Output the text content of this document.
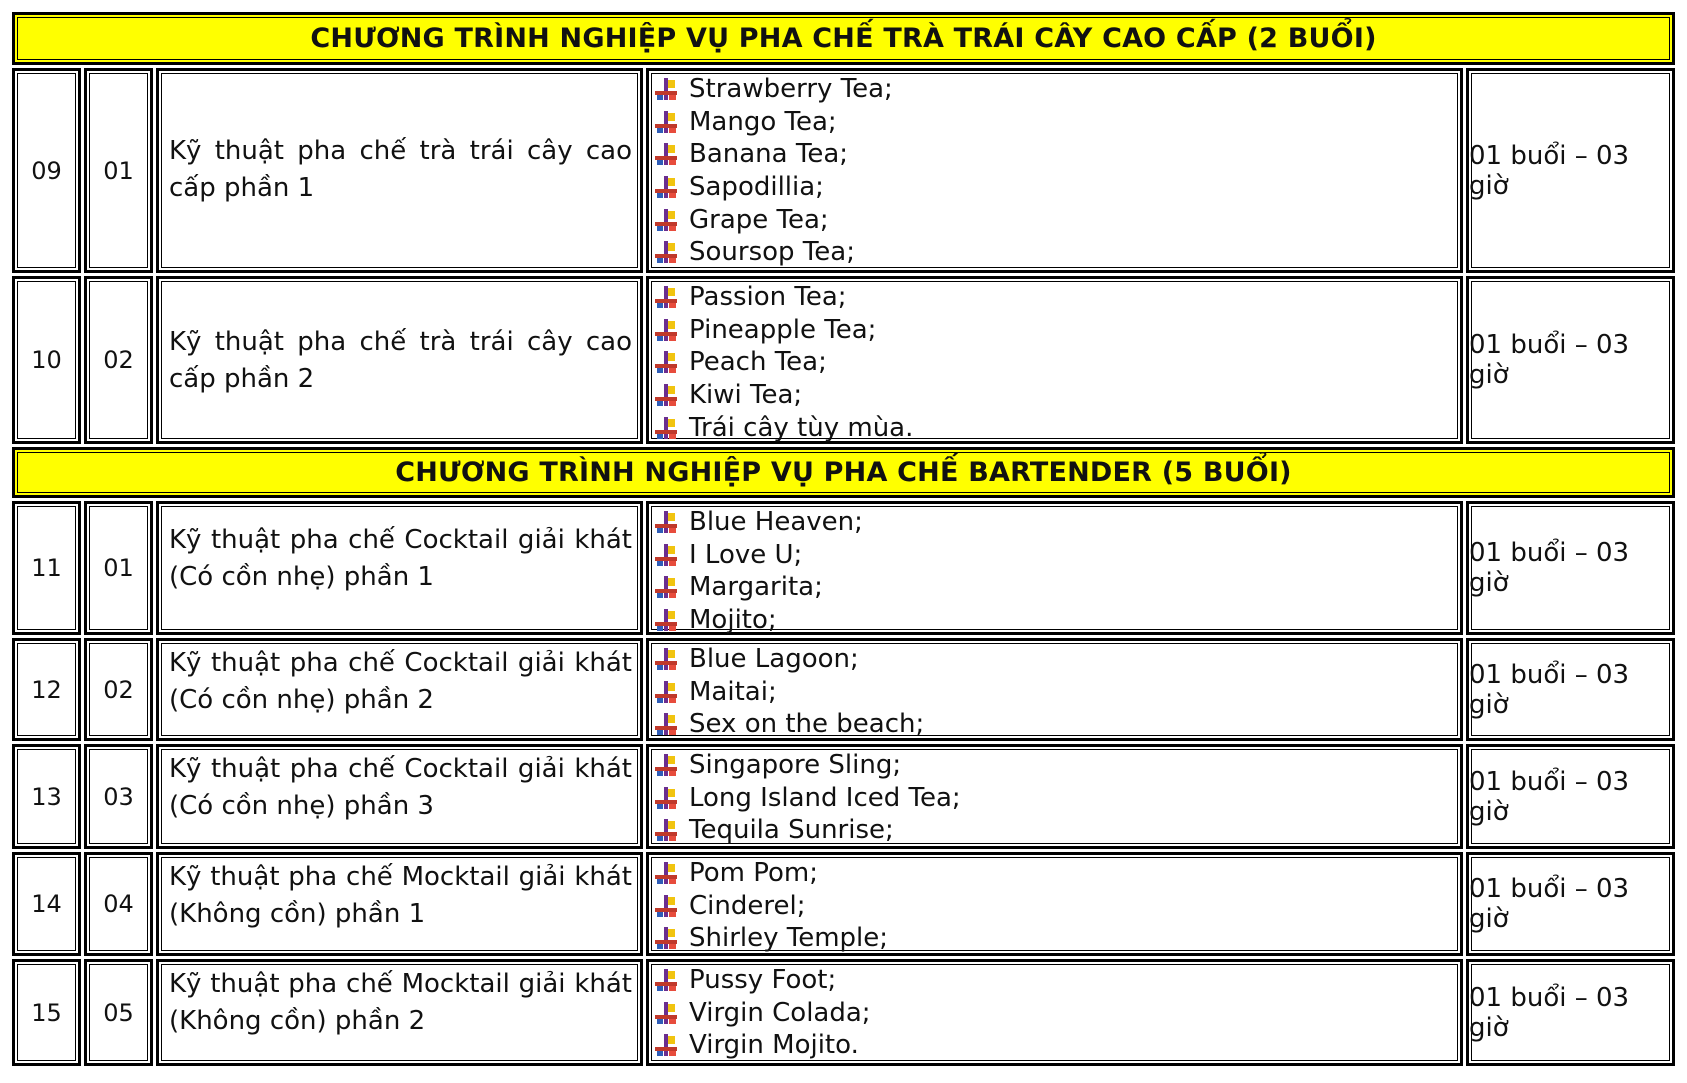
CHƯƠNG TRÌNH NGHIỆP VỤ PHA CHẾ TRÀ TRÁI CÂY CAO CẤP (2 BUỔI)
09 01
Kỹ thuật pha chế trà trái cây cao cấp phần 1
Strawberry Tea;
Mango Tea;
Banana Tea;
Sapodillia;
Grape Tea;
Soursop Tea;
01 buổi – 03 giờ
10 02
Kỹ thuật pha chế trà trái cây cao cấp phần 2
Passion Tea;
Pineapple Tea;
Peach Tea;
Kiwi Tea;
Trái cây tùy mùa.
01 buổi – 03 giờ
CHƯƠNG TRÌNH NGHIỆP VỤ PHA CHẾ BARTENDER (5 BUỔI)
11 01
Kỹ thuật pha chế Cocktail giải khát (Có cồn nhẹ) phần 1
Blue Heaven;
I Love U;
Margarita;
Mojito;
01 buổi – 03 giờ
12 02
Kỹ thuật pha chế Cocktail giải khát (Có cồn nhẹ) phần 2
Blue Lagoon;
Maitai;
Sex on the beach;
01 buổi – 03 giờ
13 03
Kỹ thuật pha chế Cocktail giải khát (Có cồn nhẹ) phần 3
Singapore Sling;
Long Island Iced Tea;
Tequila Sunrise;
01 buổi – 03 giờ
14 04
Kỹ thuật pha chế Mocktail giải khát (Không cồn) phần 1
Pom Pom;
Cinderel;
Shirley Temple;
01 buổi – 03 giờ
15 05
Kỹ thuật pha chế Mocktail giải khát (Không cồn) phần 2
Pussy Foot;
Virgin Colada;
Virgin Mojito.
01 buổi – 03 giờ
